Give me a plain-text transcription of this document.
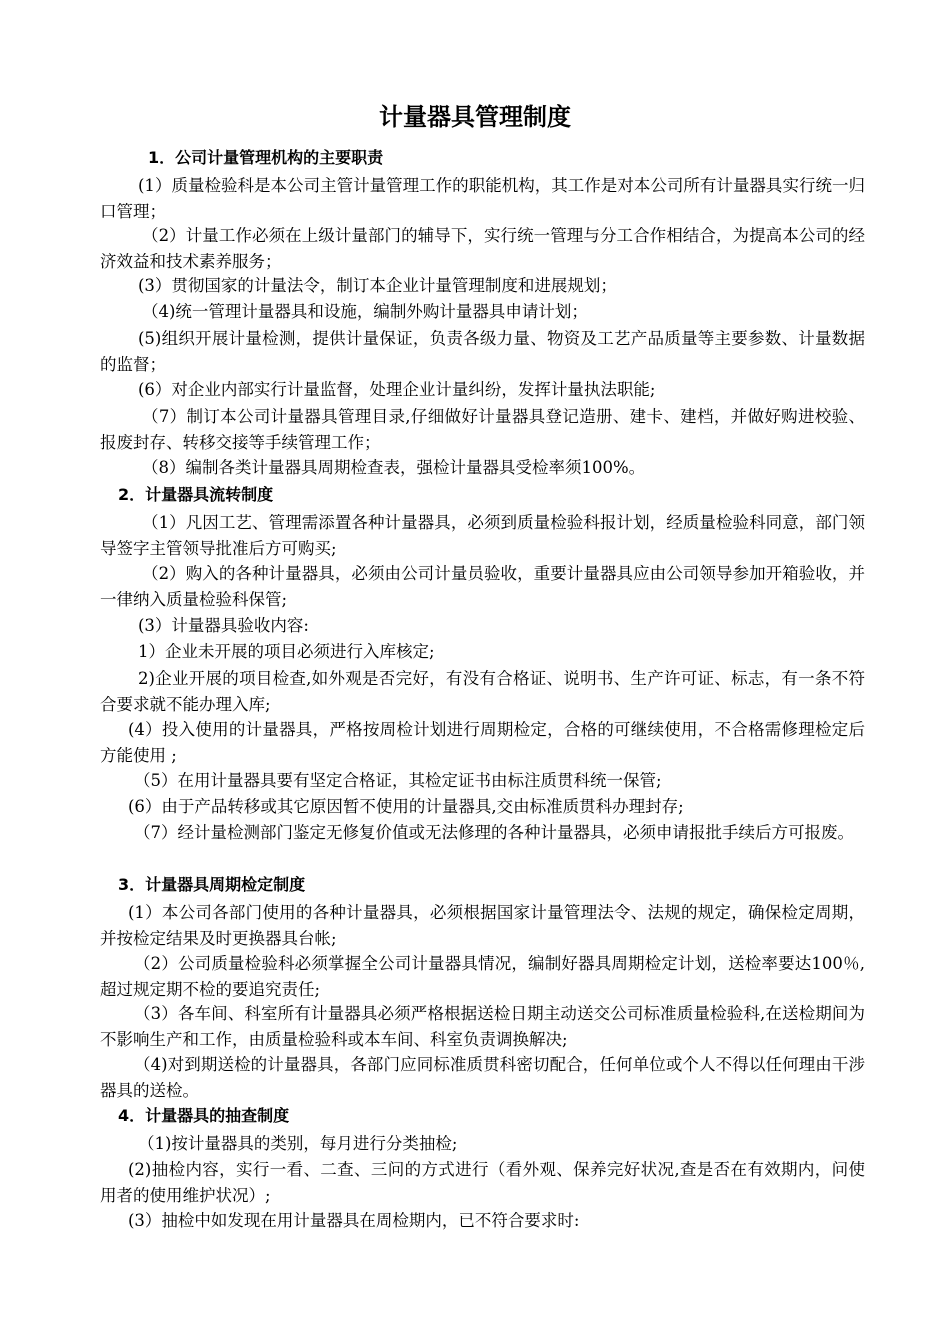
计量器具管理制度

1．公司计量管理机构的主要职责

(1）质量检验科是本公司主管计量管理工作的职能机构，其工作是对本公司所有计量器具实行统一归口管理；

（2）计量工作必须在上级计量部门的辅导下，实行统一管理与分工合作相结合，为提高本公司的经济效益和技术素养服务；

(3）贯彻国家的计量法令，制订本企业计量管理制度和进展规划；

（4)统一管理计量器具和设施，编制外购计量器具申请计划；

(5)组织开展计量检测，提供计量保证，负责各级力量、物资及工艺产品质量等主要参数、计量数据的监督；

(6）对企业内部实行计量监督，处理企业计量纠纷，发挥计量执法职能;

（7）制订本公司计量器具管理目录,仔细做好计量器具登记造册、建卡、建档，并做好购进校验、报废封存、转移交接等手续管理工作；

（8）编制各类计量器具周期检查表，强检计量器具受检率须100%。

2．计量器具流转制度

（1）凡因工艺、管理需添置各种计量器具，必须到质量检验科报计划，经质量检验科同意，部门领导签字主管领导批准后方可购买;

（2）购入的各种计量器具，必须由公司计量员验收，重要计量器具应由公司领导参加开箱验收，并一律纳入质量检验科保管;

(3）计量器具验收内容:

1）企业未开展的项目必须进行入库核定;

2)企业开展的项目检查,如外观是否完好，有没有合格证、说明书、生产许可证、标志，有一条不符合要求就不能办理入库;

(4）投入使用的计量器具，严格按周检计划进行周期检定，合格的可继续使用，不合格需修理检定后方能使用 ;

（5）在用计量器具要有坚定合格证，其检定证书由标注质贯科统一保管;

(6）由于产品转移或其它原因暂不使用的计量器具,交由标准质贯科办理封存;

（7）经计量检测部门鉴定无修复价值或无法修理的各种计量器具，必须申请报批手续后方可报废。

3．计量器具周期检定制度

(1）本公司各部门使用的各种计量器具，必须根据国家计量管理法令、法规的规定，确保检定周期，并按检定结果及时更换器具台帐;

（2）公司质量检验科必须掌握全公司计量器具情况，编制好器具周期检定计划，送检率要达100％,超过规定期不检的要追究责任;

（3）各车间、科室所有计量器具必须严格根据送检日期主动送交公司标准质量检验科,在送检期间为不影响生产和工作，由质量检验科或本车间、科室负责调换解决;

（4)对到期送检的计量器具，各部门应同标准质贯科密切配合，任何单位或个人不得以任何理由干涉器具的送检。

4．计量器具的抽查制度

（1)按计量器具的类别，每月进行分类抽检;

(2)抽检内容，实行一看、二查、三问的方式进行（看外观、保养完好状况,查是否在有效期内，问使用者的使用维护状况）;

(3）抽检中如发现在用计量器具在周检期内，已不符合要求时:
